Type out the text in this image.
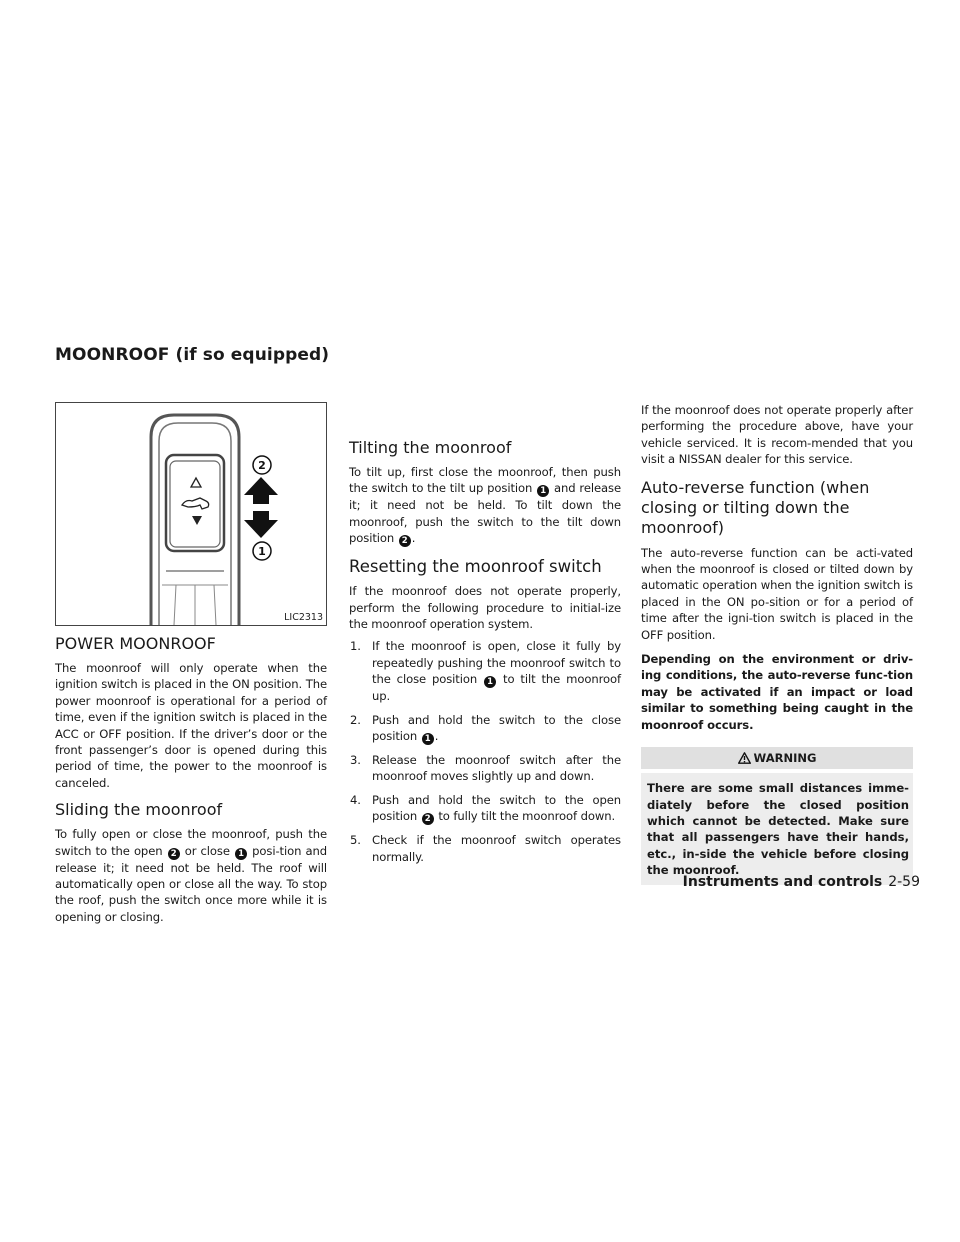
MOONROOF (if so equipped)
2
1
LIC2313
POWER MOONROOF

The moonroof will only operate when the ignition switch is placed in the ON position. The power moonroof is operational for a period of time, even if the ignition switch is placed in the ACC or OFF position. If the driver’s door or the front passenger’s door is opened during this period of time, the power to the moonroof is canceled.

Sliding the moonroof

To fully open or close the moonroof, push the switch to the open 2 or close 1 posi-tion and release it; it need not be held. The roof will automatically open or close all the way. To stop the roof, push the switch once more while it is opening or closing.

Tilting the moonroof

To tilt up, first close the moonroof, then push the switch to the tilt up position 1 and release it; it need not be held. To tilt down the moonroof, push the switch to the tilt down position 2 .

Resetting the moonroof switch

If the moonroof does not operate properly, perform the following procedure to initial-ize the moonroof operation system.

1. If the moonroof is open, close it fully by repeatedly pushing the moonroof switch to the close position 1 to tilt the moonroof up.
2. Push and hold the switch to the close position 1 .
3. Release the moonroof switch after the moonroof moves slightly up and down.
4. Push and hold the switch to the open position 2 to fully tilt the moonroof down.
5. Check if the moonroof switch operates normally.

If the moonroof does not operate properly after performing the procedure above, have your vehicle serviced. It is recom-mended that you visit a NISSAN dealer for this service.

Auto-reverse function (when closing or tilting down the moonroof)

The auto-reverse function can be acti-vated when the moonroof is closed or tilted down by automatic operation when the ignition switch is placed in the ON po-sition or for a period of time after the igni-tion switch is placed in the OFF position.

Depending on the environment or driv-ing conditions, the auto-reverse func-tion may be activated if an impact or load similar to something being caught in the moonroof occurs.

WARNING
There are some small distances imme-diately before the closed position which cannot be detected. Make sure that all passengers have their hands, etc., in-side the vehicle before closing the moonroof.
Instruments and controls 2-59
